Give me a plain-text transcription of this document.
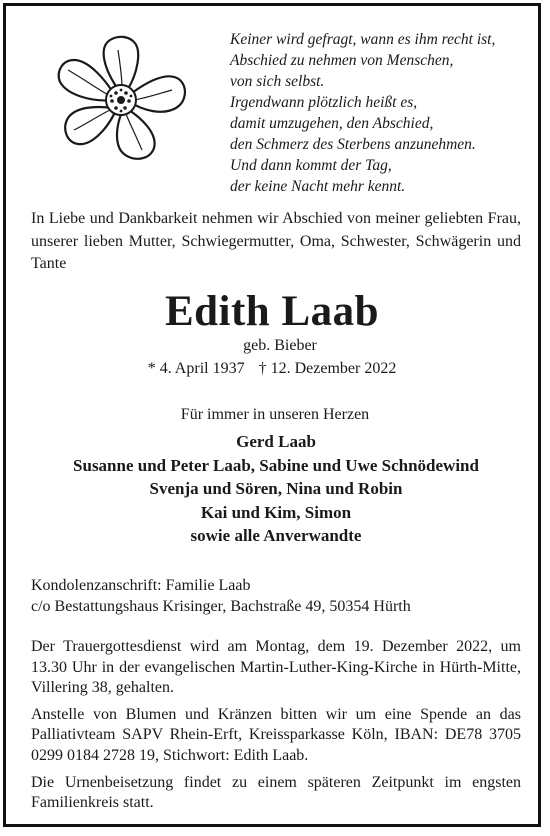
Keiner wird gefragt, wann es ihm recht ist,
Abschied zu nehmen von Menschen,
von sich selbst.
Irgendwann plötzlich heißt es,
damit umzugehen, den Abschied,
den Schmerz des Sterbens anzunehmen.
Und dann kommt der Tag,
der keine Nacht mehr kennt.
In Liebe und Dankbarkeit nehmen wir Abschied von meiner geliebten Frau, unserer lieben Mutter, Schwiegermutter, Oma, Schwester, Schwägerin und Tante
Edith Laab
geb. Bieber
* 4. April 1937 † 12. Dezember 2022
Für immer in unseren Herzen
Gerd Laab
Susanne und Peter Laab, Sabine und Uwe Schnödewind
Svenja und Sören, Nina und Robin
Kai und Kim, Simon
sowie alle Anverwandte
Kondolenzanschrift: Familie Laab
c/o Bestattungshaus Krisinger, Bachstraße 49, 50354 Hürth

Der Trauergottesdienst wird am Montag, dem 19. Dezember 2022, um 13.30 Uhr in der evangelischen Martin-Luther-King-Kirche in Hürth-Mitte, Villering 38, gehalten.

Anstelle von Blumen und Kränzen bitten wir um eine Spende an das Palliativteam SAPV Rhein-Erft, Kreissparkasse Köln, IBAN: DE78 3705 0299 0184 2728 19, Stichwort: Edith Laab.

Die Urnenbeisetzung findet zu einem späteren Zeitpunkt im engsten Familienkreis statt.
